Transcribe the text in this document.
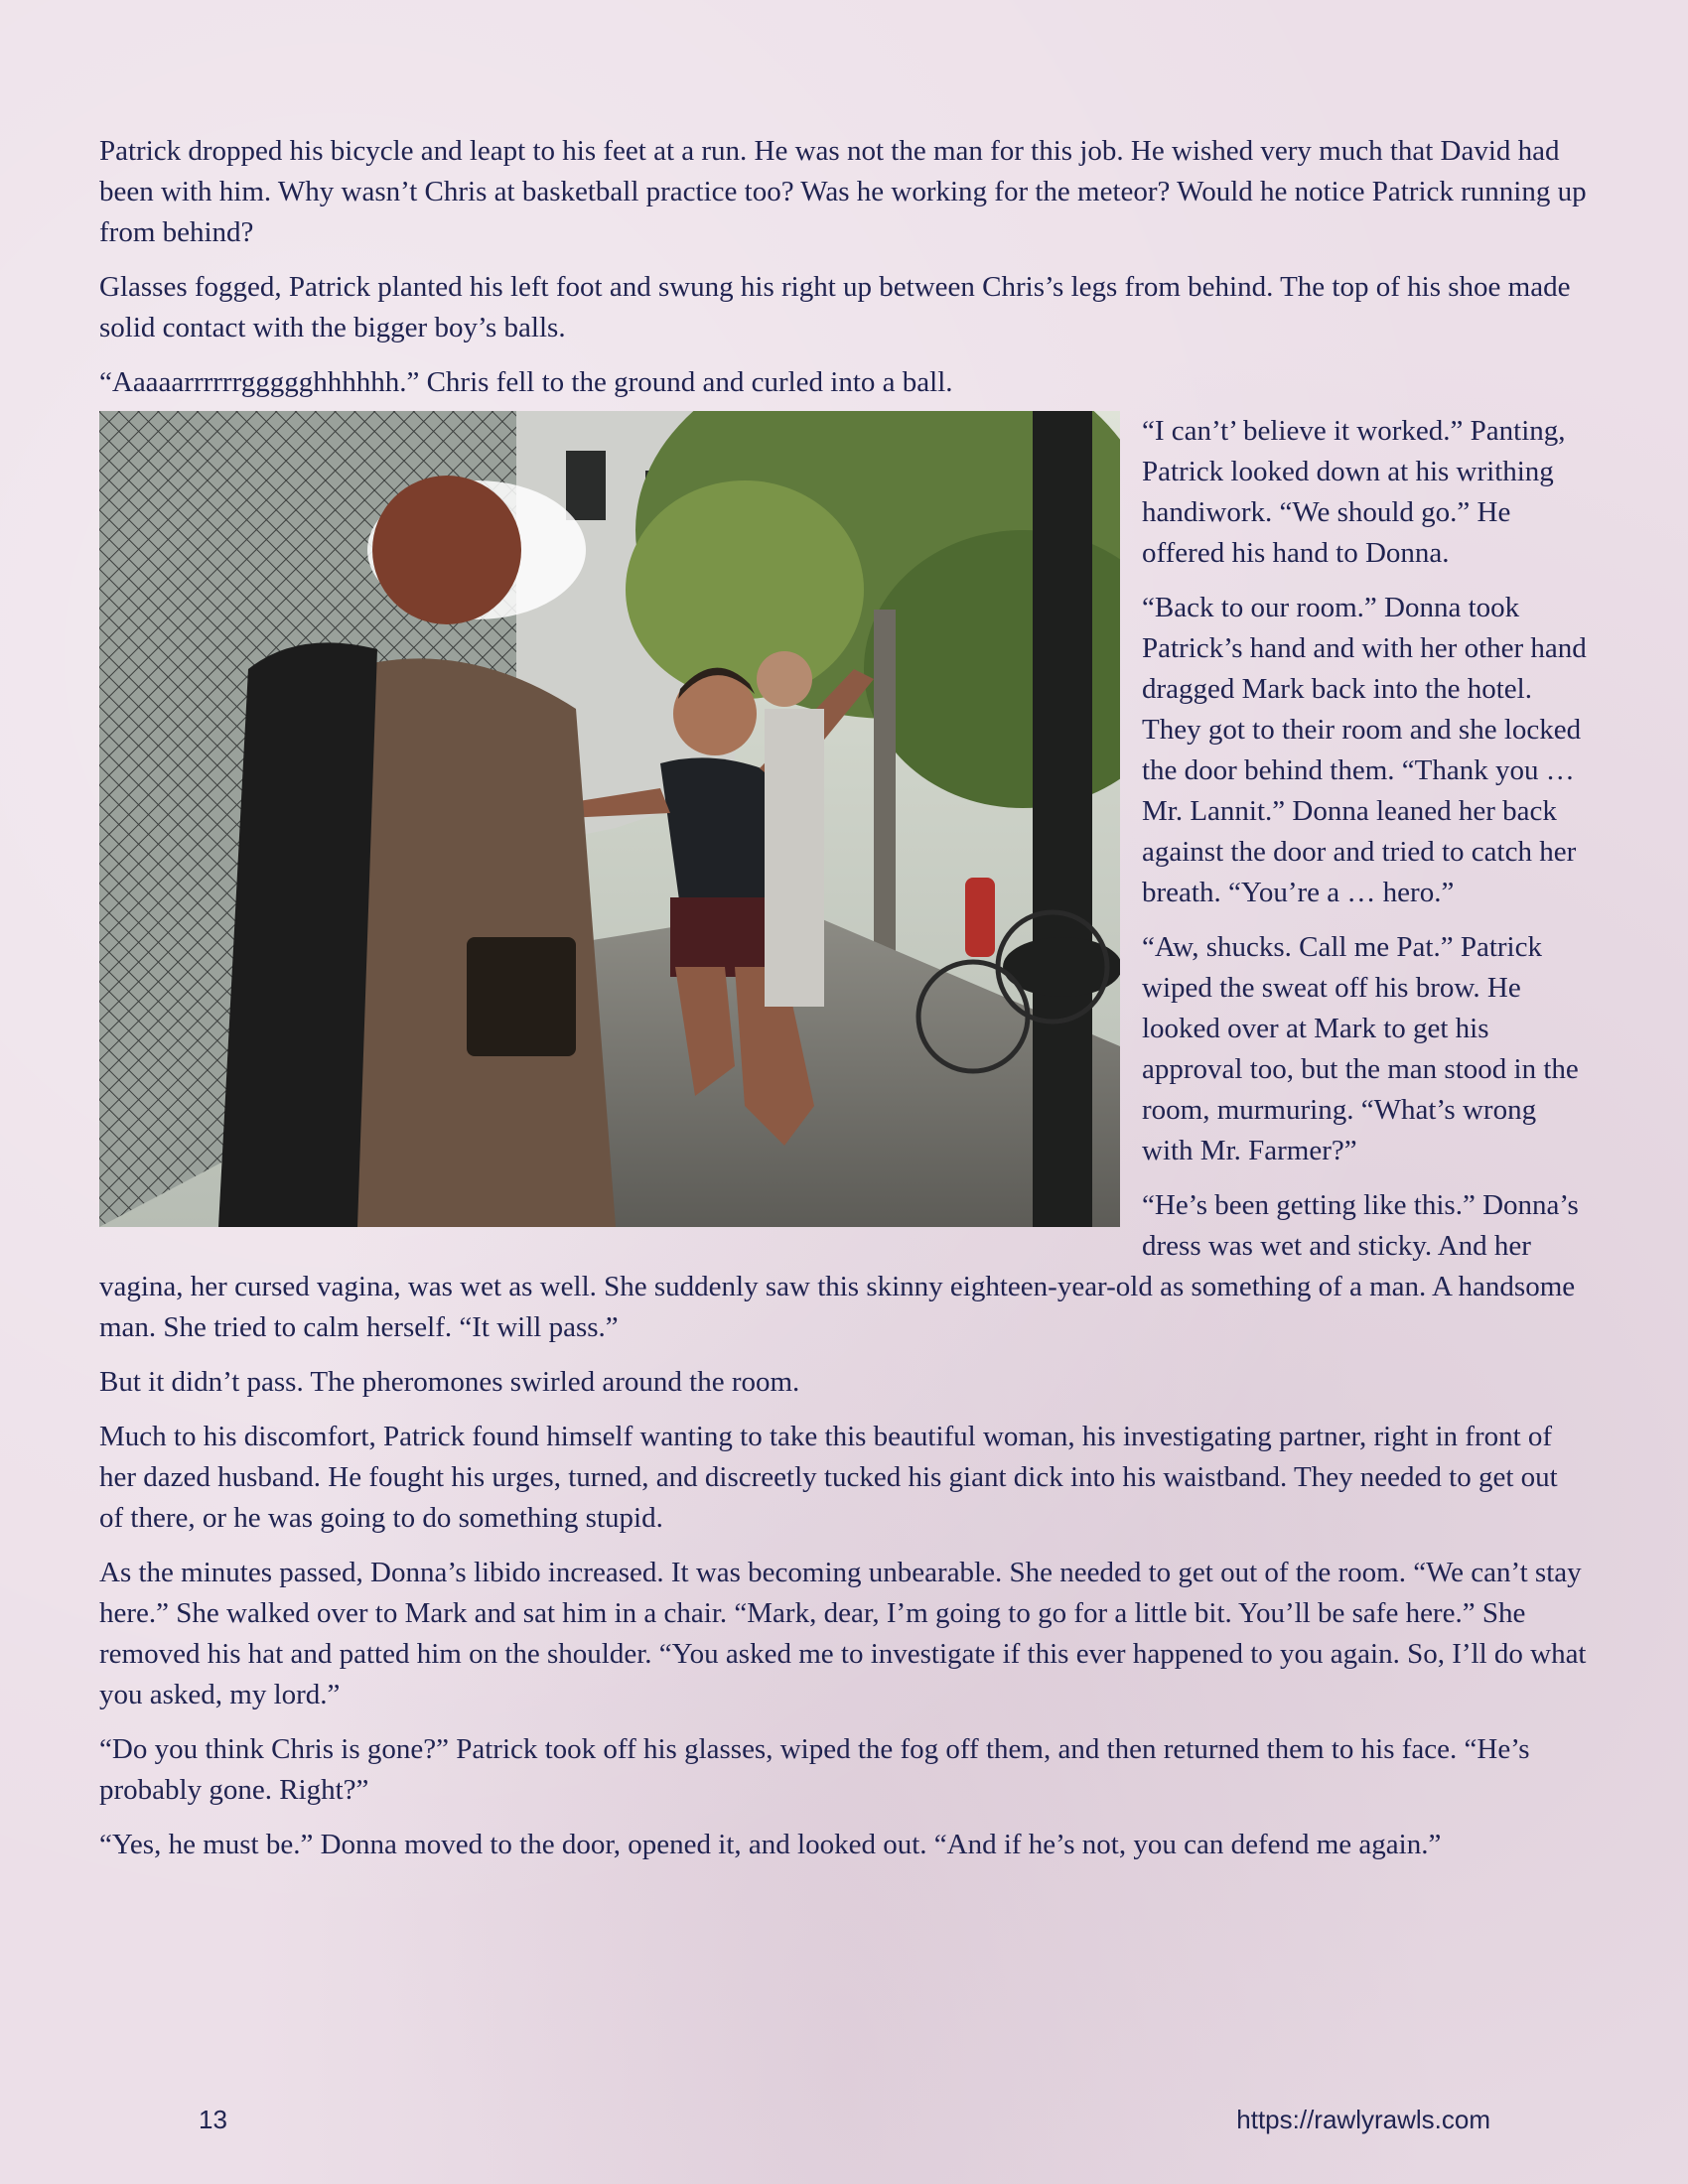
Patrick dropped his bicycle and leapt to his feet at a run. He was not the man for this job. He wished very much that David had been with him. Why wasn’t Chris at basketball practice too? Was he working for the meteor? Would he notice Patrick running up from behind?

Glasses fogged, Patrick planted his left foot and swung his right up between Chris’s legs from behind. The top of his shoe made solid contact with the bigger boy’s balls.

“Aaaaarrrrrrggggghhhhhh.” Chris fell to the ground and curled into a ball.

“I can’t’ believe it worked.” Panting, Patrick looked down at his writhing handiwork. “We should go.” He offered his hand to Donna.

“Back to our room.” Donna took Patrick’s hand and with her other hand dragged Mark back into the hotel. They got to their room and she locked the door behind them. “Thank you … Mr. Lannit.” Donna leaned her back against the door and tried to catch her breath. “You’re a … hero.”

“Aw, shucks. Call me Pat.” Patrick wiped the sweat off his brow. He looked over at Mark to get his approval too, but the man stood in the room, murmuring. “What’s wrong with Mr. Farmer?”

“He’s been getting like this.” Donna’s dress was wet and sticky. And her vagina, her cursed vagina, was wet as well. She suddenly saw this skinny eighteen-year-old as something of a man. A handsome man. She tried to calm herself. “It will pass.”

But it didn’t pass. The pheromones swirled around the room.

Much to his discomfort, Patrick found himself wanting to take this beautiful woman, his investigating partner, right in front of her dazed husband. He fought his urges, turned, and discreetly tucked his giant dick into his waistband. They needed to get out of there, or he was going to do something stupid.

As the minutes passed, Donna’s libido increased. It was becoming unbearable. She needed to get out of the room. “We can’t stay here.” She walked over to Mark and sat him in a chair. “Mark, dear, I’m going to go for a little bit. You’ll be safe here.” She removed his hat and patted him on the shoulder. “You asked me to investigate if this ever happened to you again. So, I’ll do what you asked, my lord.”

“Do you think Chris is gone?” Patrick took off his glasses, wiped the fog off them, and then returned them to his face. “He’s probably gone. Right?”

“Yes, he must be.” Donna moved to the door, opened it, and looked out. “And if he’s not, you can defend me again.”

13	https://rawlyrawls.com
